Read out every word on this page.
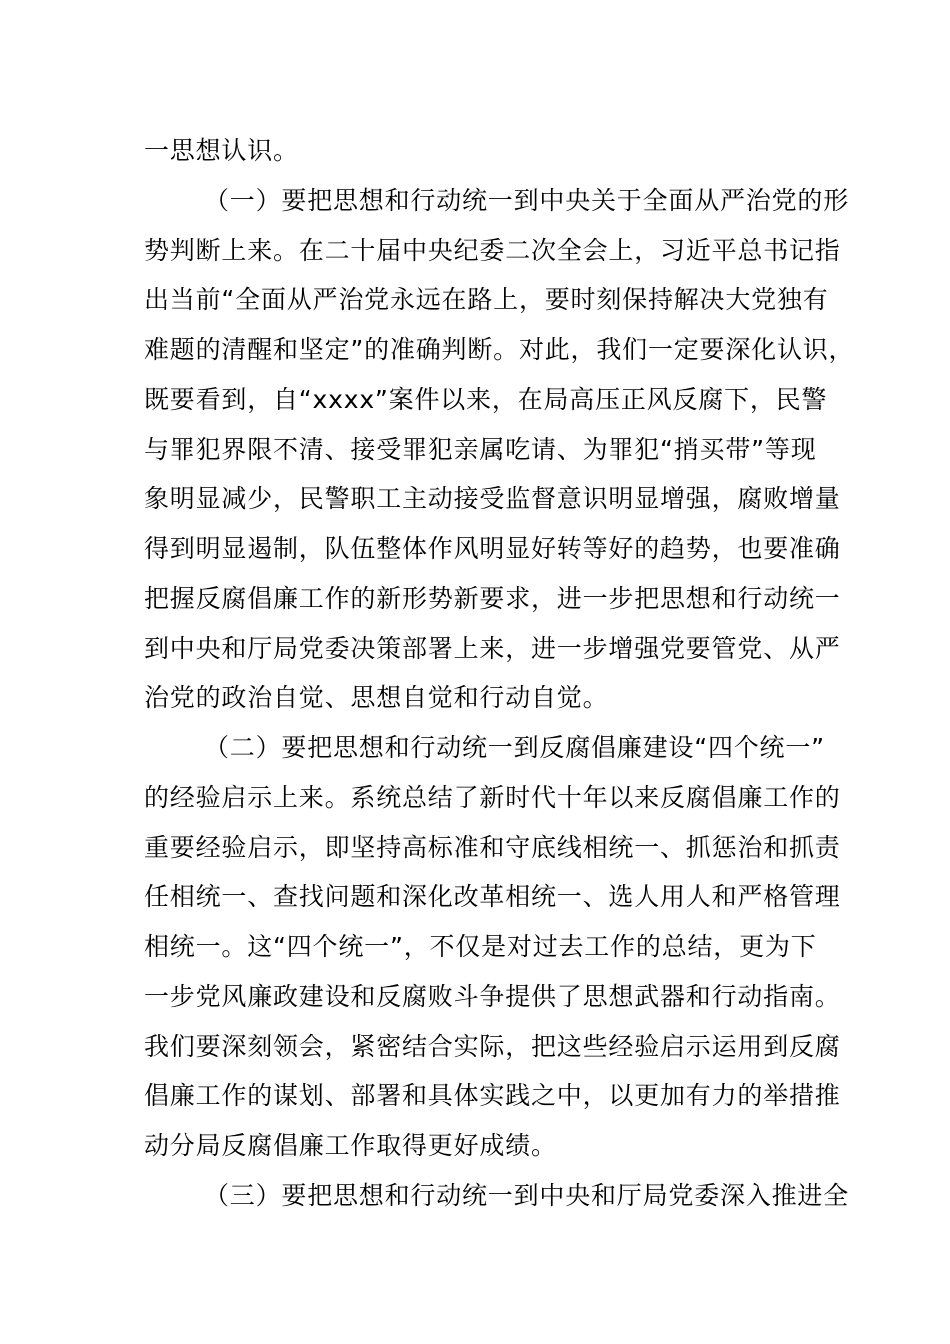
一思想认识。
（一）要把思想和行动统一到中央关于全面从严治党的形
势判断上来。在二十届中央纪委二次全会上，习近平总书记指
出当前“全面从严治党永远在路上，要时刻保持解决大党独有
难题的清醒和坚定”的准确判断。对此，我们一定要深化认识，
既要看到，自“xxxx”案件以来，在局高压正风反腐下，民警
与罪犯界限不清、接受罪犯亲属吃请、为罪犯“捎买带”等现
象明显减少，民警职工主动接受监督意识明显增强，腐败增量
得到明显遏制，队伍整体作风明显好转等好的趋势，也要准确
把握反腐倡廉工作的新形势新要求，进一步把思想和行动统一
到中央和厅局党委决策部署上来，进一步增强党要管党、从严
治党的政治自觉、思想自觉和行动自觉。
（二）要把思想和行动统一到反腐倡廉建设“四个统一”
的经验启示上来。系统总结了新时代十年以来反腐倡廉工作的
重要经验启示，即坚持高标准和守底线相统一、抓惩治和抓责
任相统一、查找问题和深化改革相统一、选人用人和严格管理
相统一。这“四个统一”，不仅是对过去工作的总结，更为下
一步党风廉政建设和反腐败斗争提供了思想武器和行动指南。
我们要深刻领会，紧密结合实际，把这些经验启示运用到反腐
倡廉工作的谋划、部署和具体实践之中，以更加有力的举措推
动分局反腐倡廉工作取得更好成绩。
（三）要把思想和行动统一到中央和厅局党委深入推进全
